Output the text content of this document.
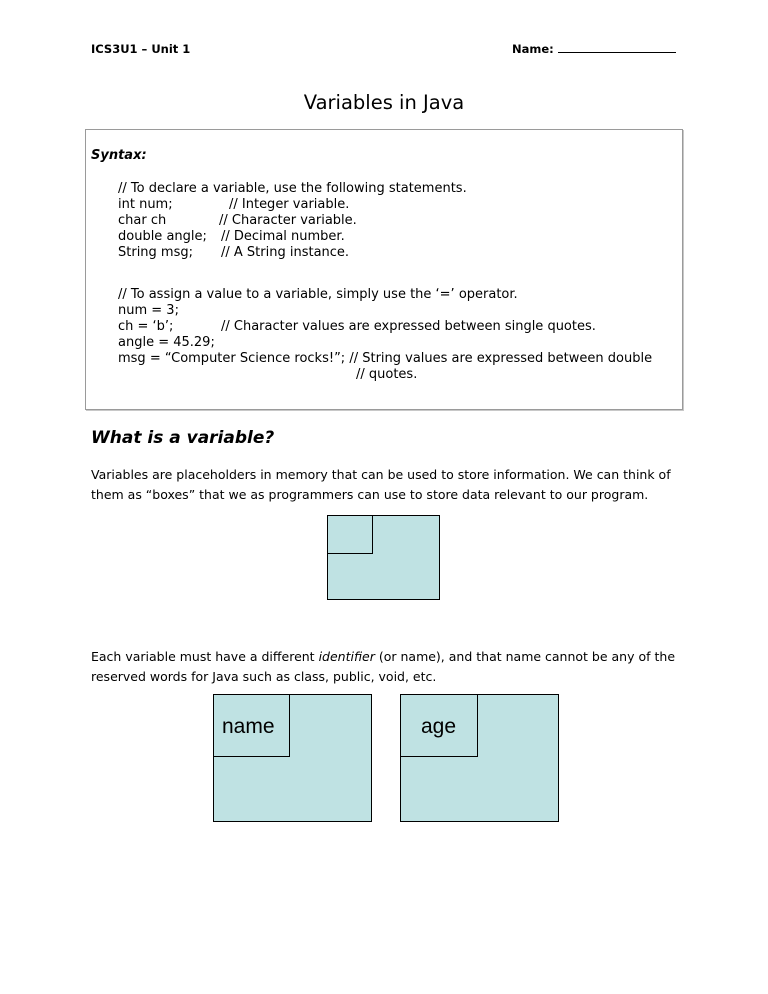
ICS3U1 – Unit 1	Name:
Variables in Java
Syntax:
// To declare a variable, use the following statements.
int num;	// Integer variable.
char ch	// Character variable.
double angle; // Decimal number.
String msg; // A String instance.
// To assign a value to a variable, simply use the ‘=’ operator.
num = 3;
ch = ‘b’;	// Character values are expressed between single quotes.
angle = 45.29;
msg = “Computer Science rocks!”; // String values are expressed between double
// quotes.
What is a variable?
Variables are placeholders in memory that can be used to store information. We can think of
them as “boxes” that we as programmers can use to store data relevant to our program.
Each variable must have a different identifier (or name), and that name cannot be any of the
reserved words for Java such as class, public, void, etc.
name	age
